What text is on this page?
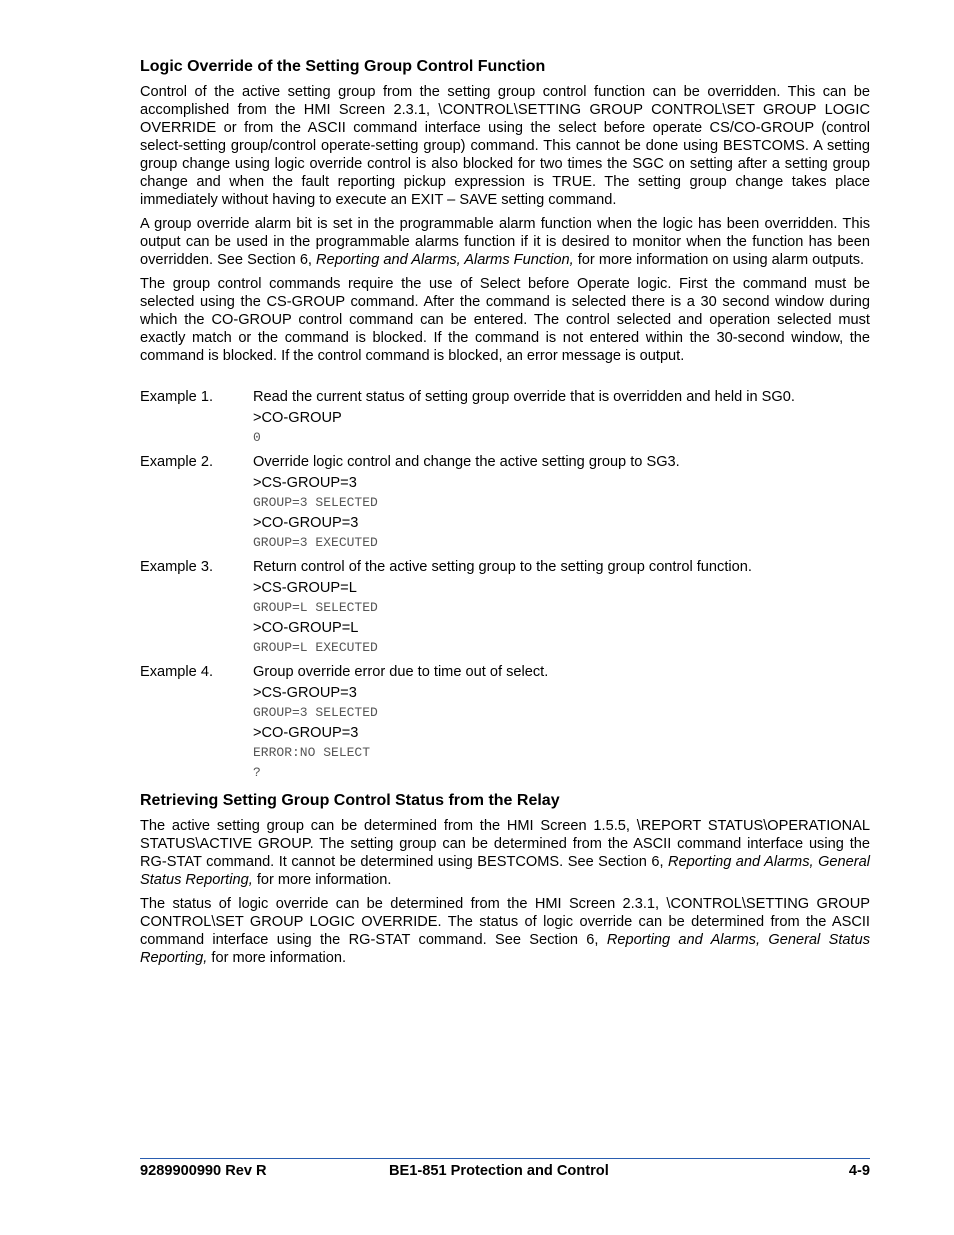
Logic Override of the Setting Group Control Function

Control of the active setting group from the setting group control function can be overridden. This can be accomplished from the HMI Screen 2.3.1, \CONTROL\SETTING GROUP CONTROL\SET GROUP LOGIC OVERRIDE or from the ASCII command interface using the select before operate CS/CO-GROUP (control select-setting group/control operate-setting group) command. This cannot be done using BESTCOMS. A setting group change using logic override control is also blocked for two times the SGC on setting after a setting group change and when the fault reporting pickup expression is TRUE. The setting group change takes place immediately without having to execute an EXIT – SAVE setting command.

A group override alarm bit is set in the programmable alarm function when the logic has been overridden. This output can be used in the programmable alarms function if it is desired to monitor when the function has been overridden. See Section 6, Reporting and Alarms, Alarms Function, for more information on using alarm outputs.

The group control commands require the use of Select before Operate logic. First the command must be selected using the CS-GROUP command. After the command is selected there is a 30 second window during which the CO-GROUP control command can be entered. The control selected and operation selected must exactly match or the command is blocked. If the command is not entered within the 30-second window, the command is blocked. If the control command is blocked, an error message is output.

Example 1.	Read the current status of setting group override that is overridden and held in SG0.
>CO-GROUP
0
Example 2.	Override logic control and change the active setting group to SG3.
>CS-GROUP=3
GROUP=3 SELECTED
>CO-GROUP=3
GROUP=3 EXECUTED
Example 3.	Return control of the active setting group to the setting group control function.
>CS-GROUP=L
GROUP=L SELECTED
>CO-GROUP=L
GROUP=L EXECUTED
Example 4.	Group override error due to time out of select.
>CS-GROUP=3
GROUP=3 SELECTED
>CO-GROUP=3
ERROR:NO SELECT
?
Retrieving Setting Group Control Status from the Relay

The active setting group can be determined from the HMI Screen 1.5.5, \REPORT STATUS\OPERATIONAL STATUS\ACTIVE GROUP. The setting group can be determined from the ASCII command interface using the RG-STAT command. It cannot be determined using BESTCOMS. See Section 6, Reporting and Alarms, General Status Reporting, for more information.

The status of logic override can be determined from the HMI Screen 2.3.1, \CONTROL\SETTING GROUP CONTROL\SET GROUP LOGIC OVERRIDE. The status of logic override can be determined from the ASCII command interface using the RG-STAT command. See Section 6, Reporting and Alarms, General Status Reporting, for more information.

9289900990 Rev R	BE1-851 Protection and Control	4-9
